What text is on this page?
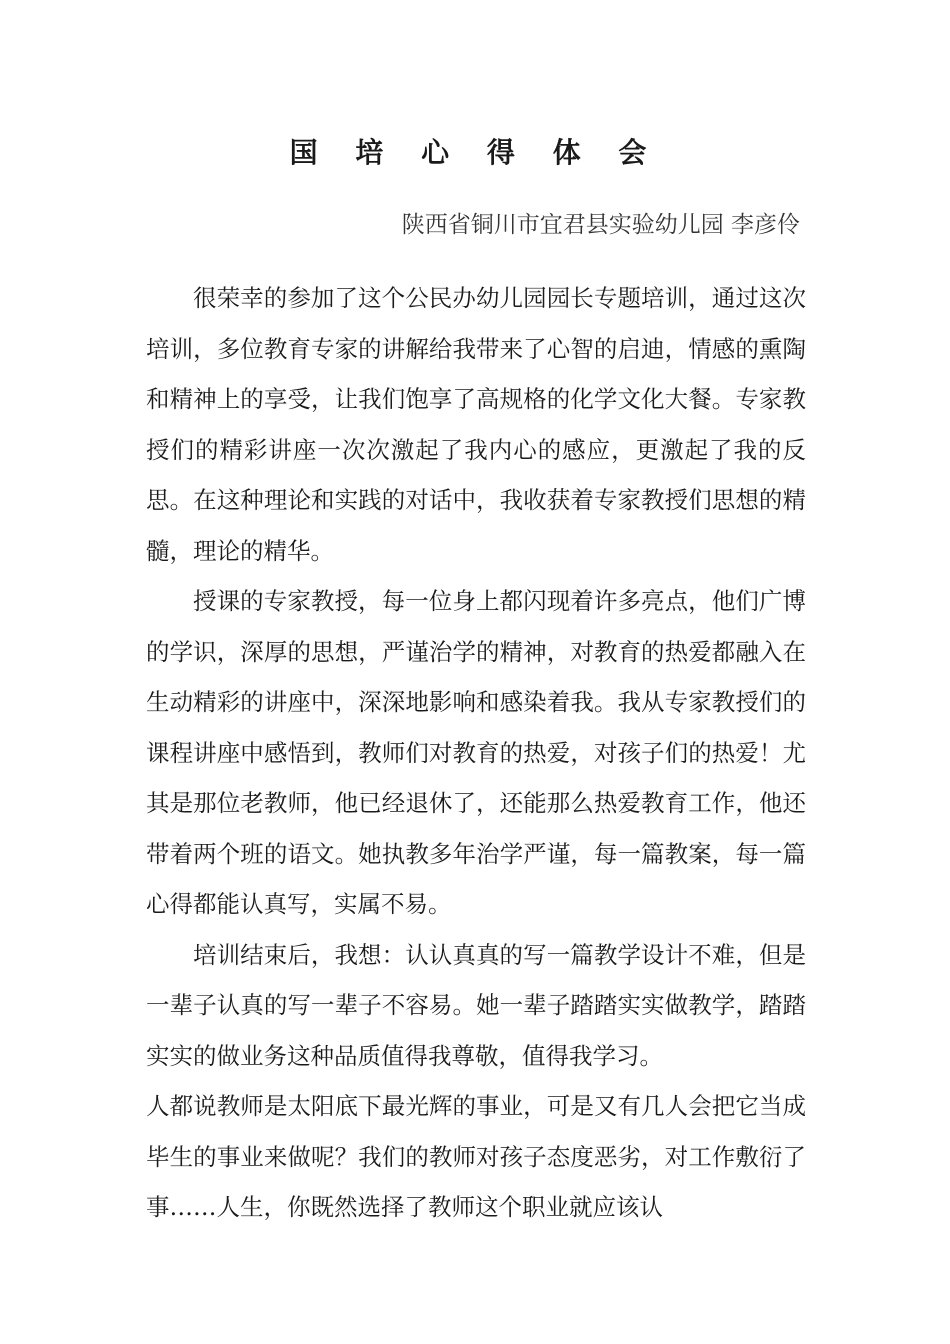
国 培 心 得 体 会

陕西省铜川市宜君县实验幼儿园 李彦伶

很荣幸的参加了这个公民办幼儿园园长专题培训，通过这次培训，多位教育专家的讲解给我带来了心智的启迪，情感的熏陶和精神上的享受，让我们饱享了高规格的化学文化大餐。专家教授们的精彩讲座一次次激起了我内心的感应，更激起了我的反思。在这种理论和实践的对话中，我收获着专家教授们思想的精髓，理论的精华。

授课的专家教授，每一位身上都闪现着许多亮点，他们广博的学识，深厚的思想，严谨治学的精神，对教育的热爱都融入在生动精彩的讲座中，深深地影响和感染着我。我从专家教授们的课程讲座中感悟到，教师们对教育的热爱，对孩子们的热爱！尤其是那位老教师，他已经退休了，还能那么热爱教育工作，他还带着两个班的语文。她执教多年治学严谨，每一篇教案，每一篇心得都能认真写，实属不易。

培训结束后，我想：认认真真的写一篇教学设计不难，但是一辈子认真的写一辈子不容易。她一辈子踏踏实实做教学，踏踏实实的做业务这种品质值得我尊敬，值得我学习。

人都说教师是太阳底下最光辉的事业，可是又有几人会把它当成毕生的事业来做呢？我们的教师对孩子态度恶劣，对工作敷衍了事……人生，你既然选择了教师这个职业就应该认
